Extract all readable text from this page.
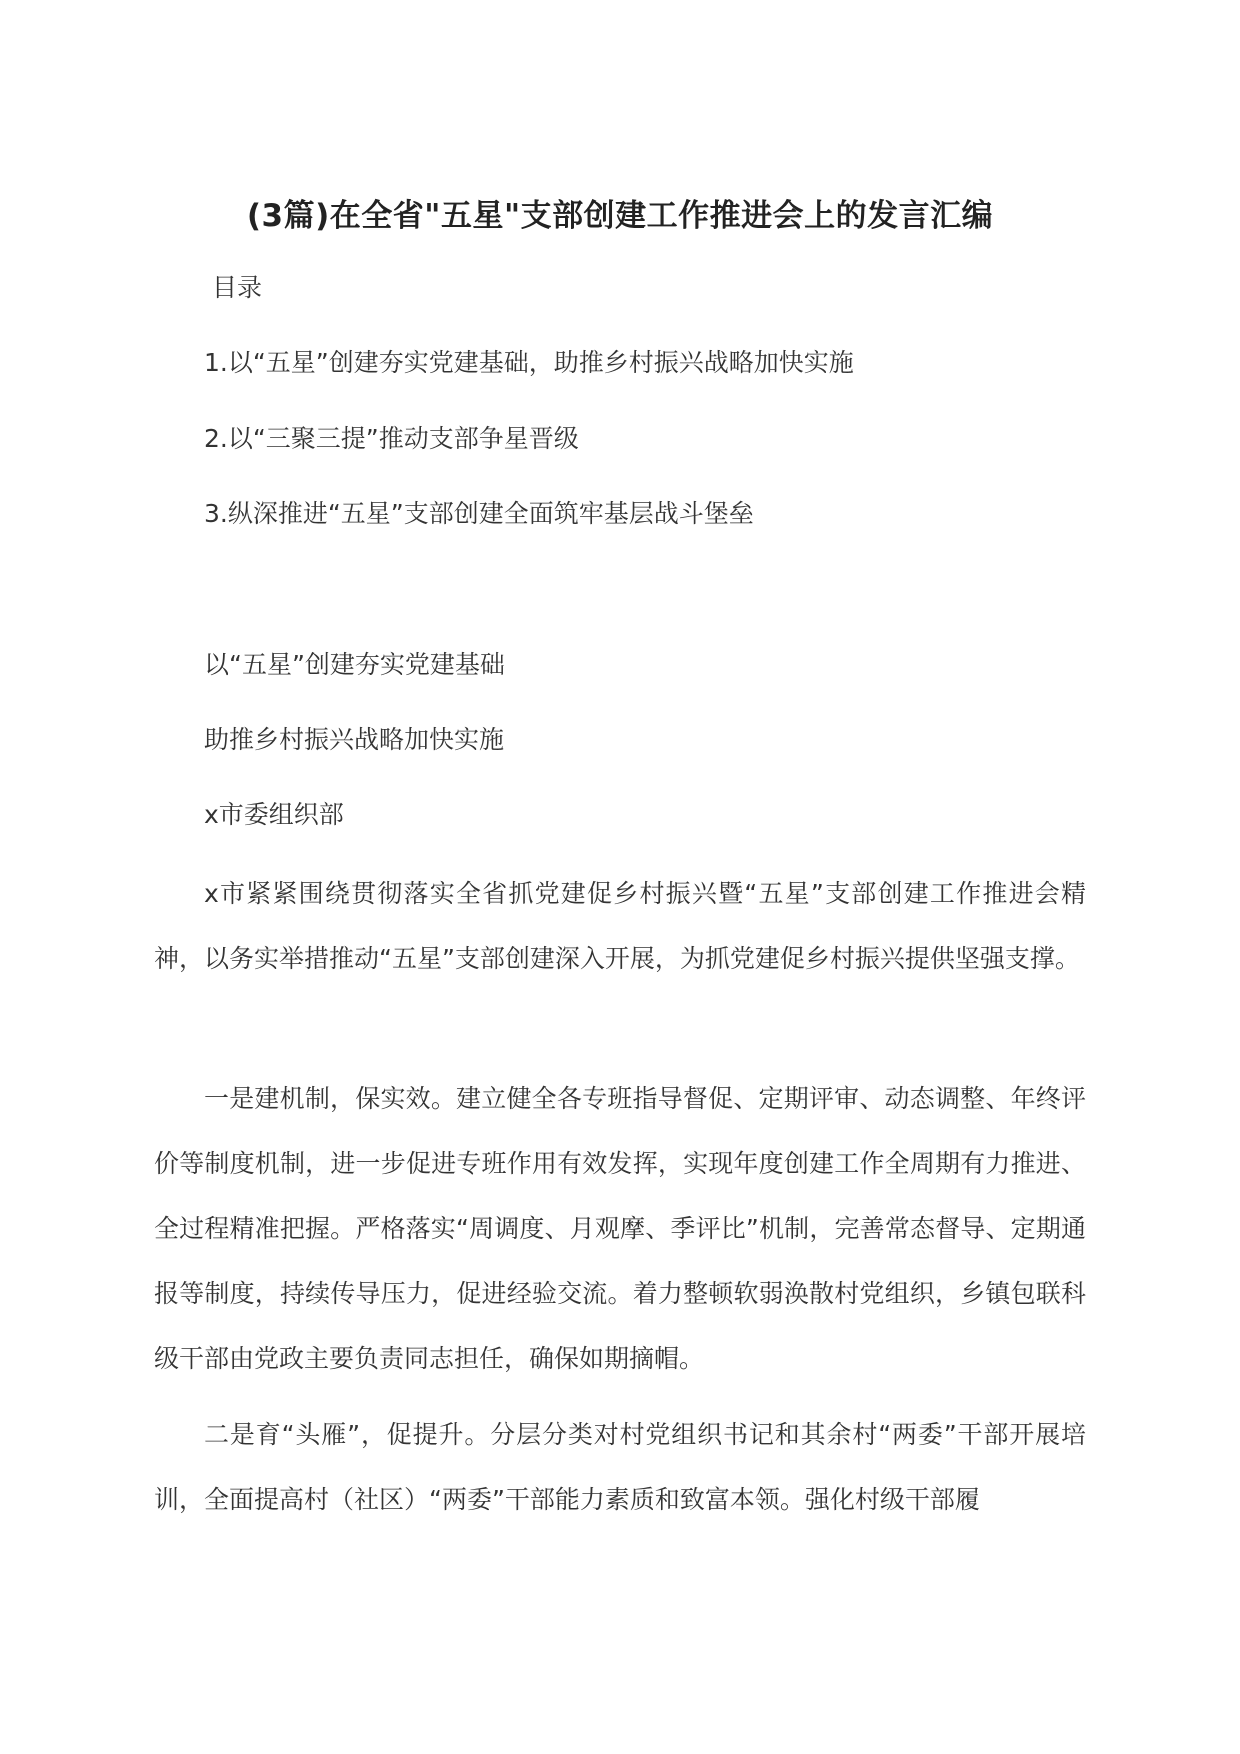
(3篇)在全省"五星"支部创建工作推进会上的发言汇编
目录
1.以“五星”创建夯实党建基础，助推乡村振兴战略加快实施
2.以“三聚三提”推动支部争星晋级
3.纵深推进“五星”支部创建全面筑牢基层战斗堡垒
以“五星”创建夯实党建基础
助推乡村振兴战略加快实施
x市委组织部

x市紧紧围绕贯彻落实全省抓党建促乡村振兴暨“五星”支部创建工作推进会精神，以务实举措推动“五星”支部创建深入开展，为抓党建促乡村振兴提供坚强支撑。

一是建机制，保实效。建立健全各专班指导督促、定期评审、动态调整、年终评价等制度机制，进一步促进专班作用有效发挥，实现年度创建工作全周期有力推进、全过程精准把握。严格落实“周调度、月观摩、季评比”机制，完善常态督导、定期通报等制度，持续传导压力，促进经验交流。着力整顿软弱涣散村党组织，乡镇包联科级干部由党政主要负责同志担任，确保如期摘帽。

二是育“头雁”，促提升。分层分类对村党组织书记和其余村“两委”干部开展培训，全面提高村（社区）“两委”干部能力素质和致富本领。强化村级干部履
